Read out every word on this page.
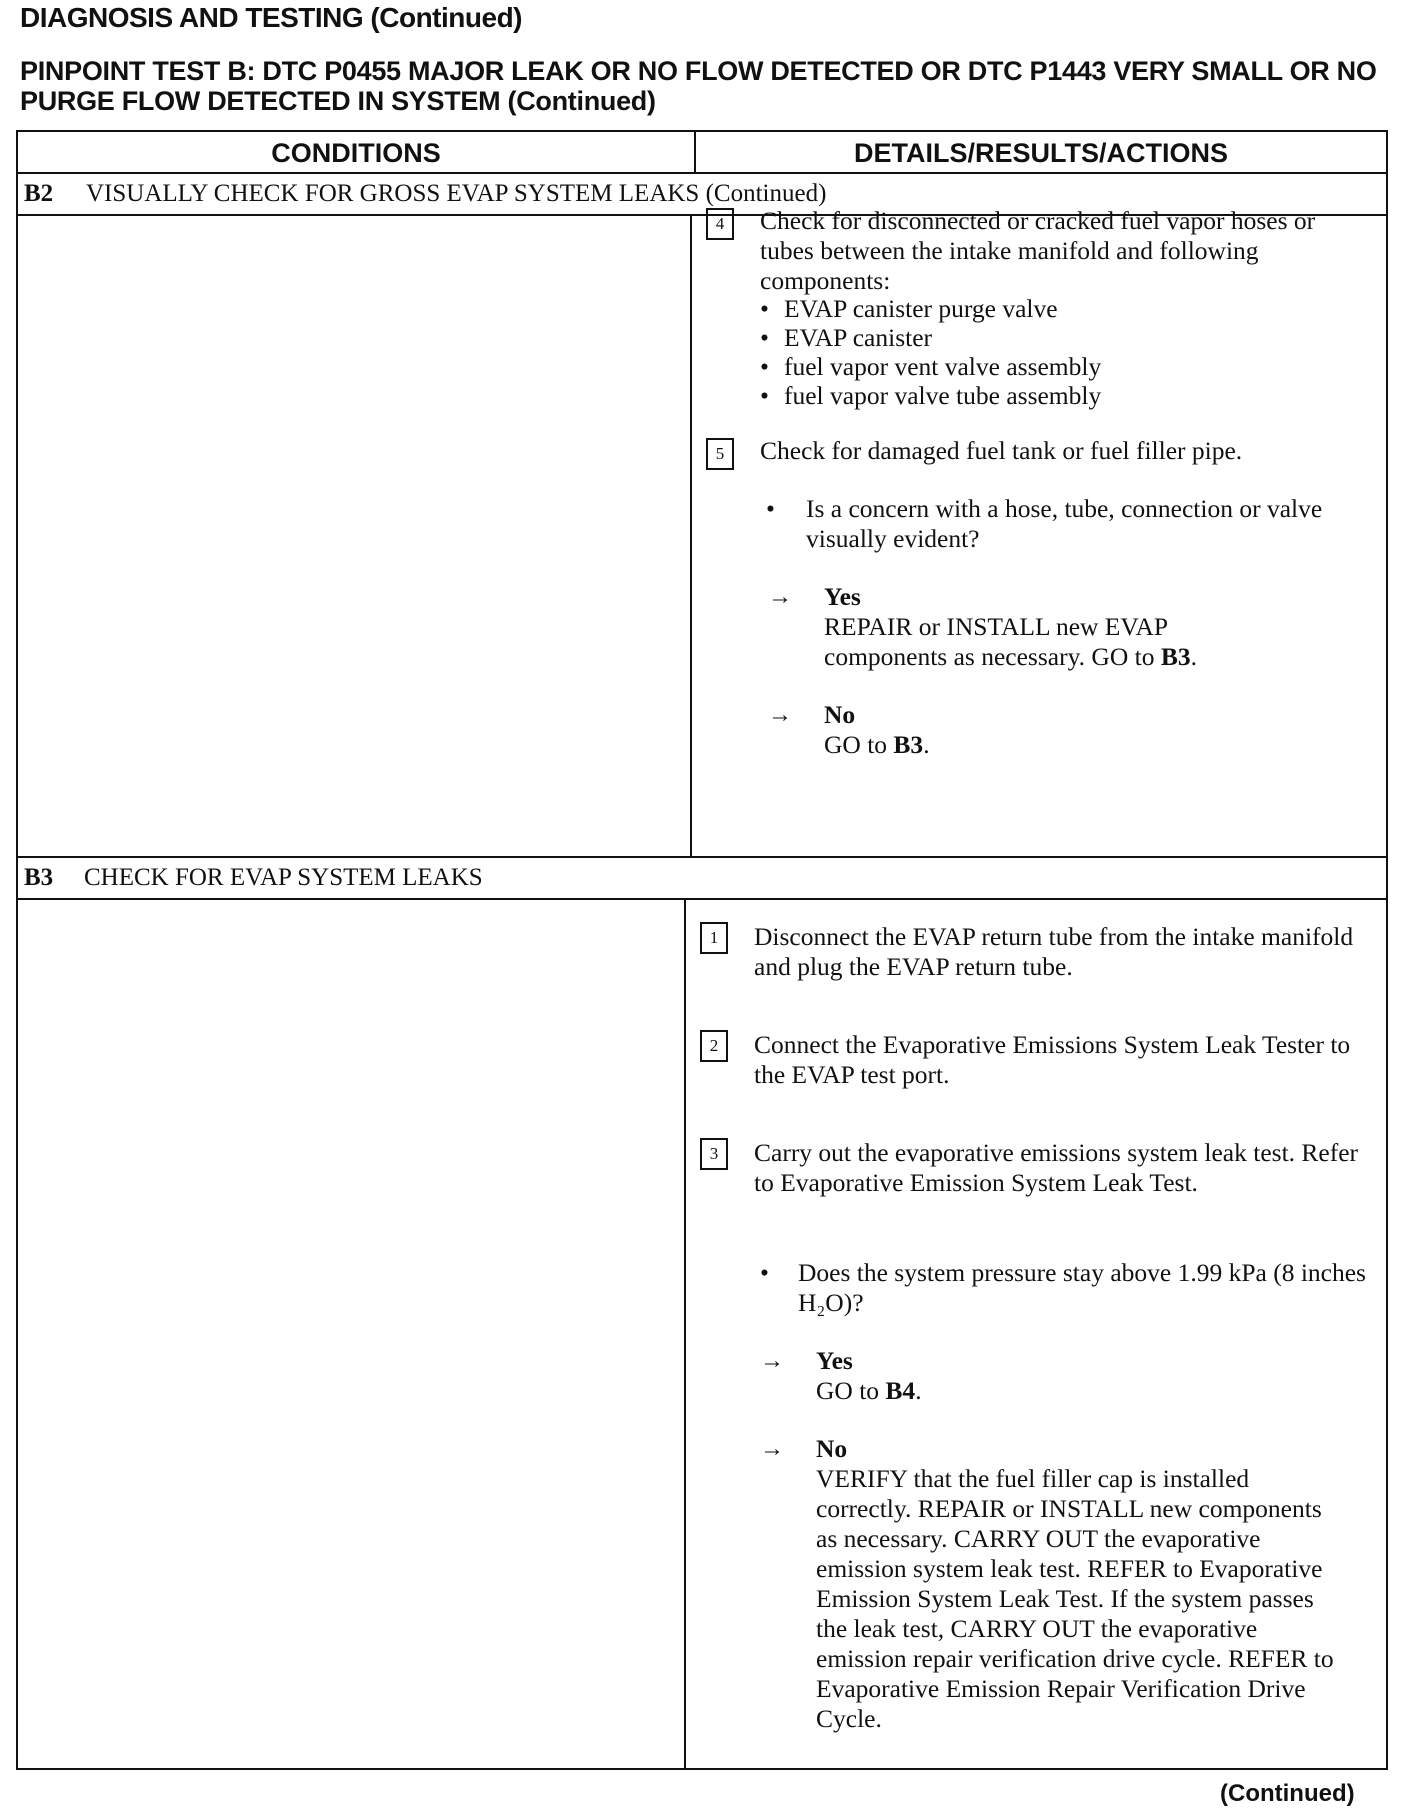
DIAGNOSIS AND TESTING (Continued)
PINPOINT TEST B: DTC P0455 MAJOR LEAK OR NO FLOW DETECTED OR DTC P1443 VERY SMALL OR NO PURGE FLOW DETECTED IN SYSTEM (Continued)
CONDITIONS	DETAILS/RESULTS/ACTIONS
B2 VISUALLY CHECK FOR GROSS EVAP SYSTEM LEAKS (Continued)
4	Check for disconnected or cracked fuel vapor hoses or tubes between the intake manifold and following components:
• EVAP canister purge valve
• EVAP canister
• fuel vapor vent valve assembly
• fuel vapor valve tube assembly
5	Check for damaged fuel tank or fuel filler pipe.
• Is a concern with a hose, tube, connection or valve visually evident?
→ Yes
REPAIR or INSTALL new EVAP components as necessary. GO to B3.
→ No
GO to B3.
B3 CHECK FOR EVAP SYSTEM LEAKS
1	Disconnect the EVAP return tube from the intake manifold and plug the EVAP return tube.
2	Connect the Evaporative Emissions System Leak Tester to the EVAP test port.
3	Carry out the evaporative emissions system leak test. Refer to Evaporative Emission System Leak Test.
• Does the system pressure stay above 1.99 kPa (8 inches H₂O)?
→ Yes
GO to B4.
→ No
VERIFY that the fuel filler cap is installed correctly. REPAIR or INSTALL new components as necessary. CARRY OUT the evaporative emission system leak test. REFER to Evaporative Emission System Leak Test. If the system passes the leak test, CARRY OUT the evaporative emission repair verification drive cycle. REFER to Evaporative Emission Repair Verification Drive Cycle.
(Continued)
